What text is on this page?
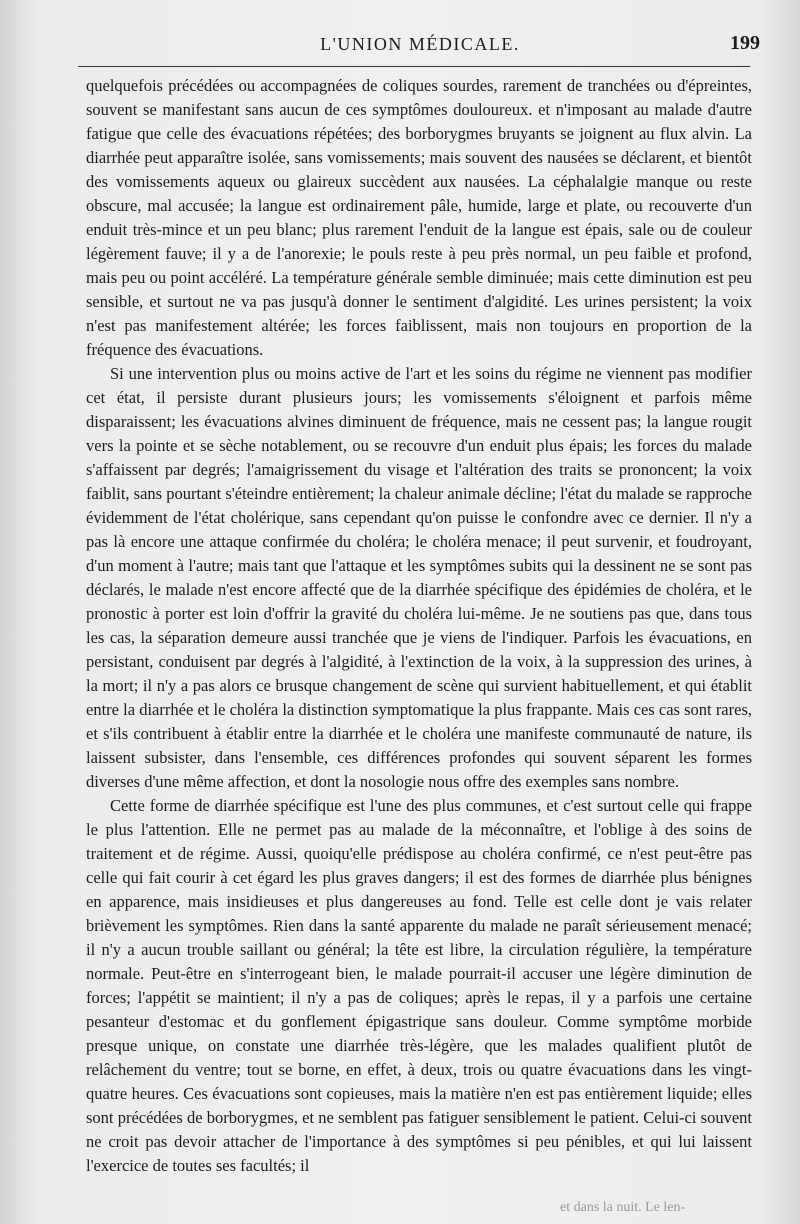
L'UNION MÉDICALE.	199

quelquefois précédées ou accompagnées de coliques sourdes, rarement de tranchées ou d'épreintes, souvent se manifestant sans aucun de ces symptômes douloureux. et n'imposant au malade d'autre fatigue que celle des évacuations répétées; des borborygmes bruyants se joignent au flux alvin. La diarrhée peut apparaître isolée, sans vomissements; mais souvent des nausées se déclarent, et bientôt des vomissements aqueux ou glaireux succèdent aux nausées. La céphalalgie manque ou reste obscure, mal accusée; la langue est ordinairement pâle, humide, large et plate, ou recouverte d'un enduit très-mince et un peu blanc; plus rarement l'enduit de la langue est épais, sale ou de couleur légèrement fauve; il y a de l'anorexie; le pouls reste à peu près normal, un peu faible et profond, mais peu ou point accéléré. La température générale semble diminuée; mais cette diminution est peu sensible, et surtout ne va pas jusqu'à donner le sentiment d'algidité. Les urines persistent; la voix n'est pas manifestement altérée; les forces faiblissent, mais non toujours en proportion de la fréquence des évacuations.

Si une intervention plus ou moins active de l'art et les soins du régime ne viennent pas modifier cet état, il persiste durant plusieurs jours; les vomissements s'éloignent et parfois même disparaissent; les évacuations alvines diminuent de fréquence, mais ne cessent pas; la langue rougit vers la pointe et se sèche notablement, ou se recouvre d'un enduit plus épais; les forces du malade s'affaissent par degrés; l'amaigrissement du visage et l'altération des traits se prononcent; la voix faiblit, sans pourtant s'éteindre entièrement; la chaleur animale décline; l'état du malade se rapproche évidemment de l'état cholérique, sans cependant qu'on puisse le confondre avec ce dernier. Il n'y a pas là encore une attaque confirmée du choléra; le choléra menace; il peut survenir, et foudroyant, d'un moment à l'autre; mais tant que l'attaque et les symptômes subits qui la dessinent ne se sont pas déclarés, le malade n'est encore affecté que de la diarrhée spécifique des épidémies de choléra, et le pronostic à porter est loin d'offrir la gravité du choléra lui-même. Je ne soutiens pas que, dans tous les cas, la séparation demeure aussi tranchée que je viens de l'indiquer. Parfois les évacuations, en persistant, conduisent par degrés à l'algidité, à l'extinction de la voix, à la suppression des urines, à la mort; il n'y a pas alors ce brusque changement de scène qui survient habituellement, et qui établit entre la diarrhée et le choléra la distinction symptomatique la plus frappante. Mais ces cas sont rares, et s'ils contribuent à établir entre la diarrhée et le choléra une manifeste communauté de nature, ils laissent subsister, dans l'ensemble, ces différences profondes qui souvent séparent les formes diverses d'une même affection, et dont la nosologie nous offre des exemples sans nombre.

Cette forme de diarrhée spécifique est l'une des plus communes, et c'est surtout celle qui frappe le plus l'attention. Elle ne permet pas au malade de la méconnaître, et l'oblige à des soins de traitement et de régime. Aussi, quoiqu'elle prédispose au choléra confirmé, ce n'est peut-être pas celle qui fait courir à cet égard les plus graves dangers; il est des formes de diarrhée plus bénignes en apparence, mais insidieuses et plus dangereuses au fond. Telle est celle dont je vais relater brièvement les symptômes. Rien dans la santé apparente du malade ne paraît sérieusement menacé; il n'y a aucun trouble saillant ou général; la tête est libre, la circulation régulière, la température normale. Peut-être en s'interrogeant bien, le malade pourrait-il accuser une légère diminution de forces; l'appétit se maintient; il n'y a pas de coliques; après le repas, il y a parfois une certaine pesanteur d'estomac et du gonflement épigastrique sans douleur. Comme symptôme morbide presque unique, on constate une diarrhée très-légère, que les malades qualifient plutôt de relâchement du ventre; tout se borne, en effet, à deux, trois ou quatre évacuations dans les vingt-quatre heures. Ces évacuations sont copieuses, mais la matière n'en est pas entièrement liquide; elles sont précédées de borborygmes, et ne semblent pas fatiguer sensiblement le patient. Celui-ci souvent ne croit pas devoir attacher de l'importance à des symptômes si peu pénibles, et qui lui laissent l'exercice de toutes ses facultés; il

et dans la nuit. Le len-
